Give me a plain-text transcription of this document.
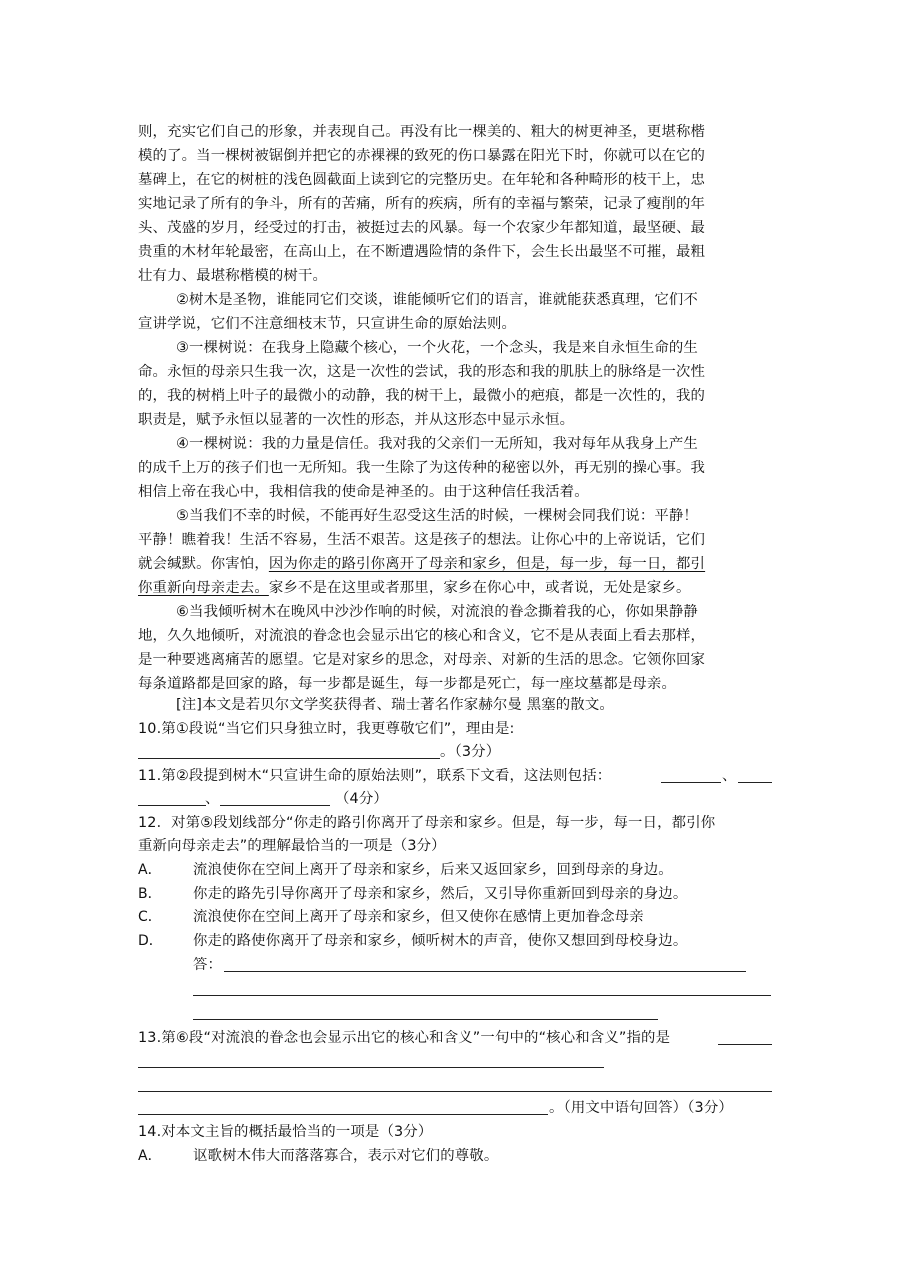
则，充实它们自己的形象，并表现自己。再没有比一棵美的、粗大的树更神圣，更堪称楷
模的了。当一棵树被锯倒并把它的赤裸裸的致死的伤口暴露在阳光下时，你就可以在它的
墓碑上，在它的树桩的浅色圆截面上读到它的完整历史。在年轮和各种畸形的枝干上，忠
实地记录了所有的争斗，所有的苦痛，所有的疾病，所有的幸福与繁荣，记录了瘦削的年
头、茂盛的岁月，经受过的打击，被挺过去的风暴。每一个农家少年都知道，最坚硬、最
贵重的木材年轮最密，在高山上，在不断遭遇险情的条件下，会生长出最坚不可摧，最粗
壮有力、最堪称楷模的树干。
②树木是圣物，谁能同它们交谈，谁能倾听它们的语言，谁就能获悉真理，它们不
宣讲学说，它们不注意细枝末节，只宣讲生命的原始法则。
③一棵树说：在我身上隐藏个核心，一个火花，一个念头，我是来自永恒生命的生
命。永恒的母亲只生我一次，这是一次性的尝试，我的形态和我的肌肤上的脉络是一次性
的，我的树梢上叶子的最微小的动静，我的树干上，最微小的疤痕，都是一次性的，我的
职责是，赋予永恒以显著的一次性的形态，并从这形态中显示永恒。
④一棵树说：我的力量是信任。我对我的父亲们一无所知，我对每年从我身上产生
的成千上万的孩子们也一无所知。我一生除了为这传种的秘密以外，再无别的操心事。我
相信上帝在我心中，我相信我的使命是神圣的。由于这种信任我活着。
⑤当我们不幸的时候，不能再好生忍受这生活的时候，一棵树会同我们说：平静！
平静！瞧着我！生活不容易，生活不艰苦。这是孩子的想法。让你心中的上帝说话，它们
就会缄默。你害怕，因为你走的路引你离开了母亲和家乡，但是，每一步，每一日，都引
你重新向母亲走去。家乡不是在这里或者那里，家乡在你心中，或者说，无处是家乡。
⑥当我倾听树木在晚风中沙沙作响的时候，对流浪的眷念撕着我的心，你如果静静
地，久久地倾听，对流浪的眷念也会显示出它的核心和含义，它不是从表面上看去那样，
是一种要逃离痛苦的愿望。它是对家乡的思念，对母亲、对新的生活的思念。它领你回家
每条道路都是回家的路，每一步都是诞生，每一步都是死亡，每一座坟墓都是母亲。
[注]本文是若贝尔文学奖获得者、瑞士著名作家赫尔曼 黑塞的散文。
10.第①段说“当它们只身独立时，我更尊敬它们”，理由是:
。（3分）
11.第②段提到树木“只宣讲生命的原始法则”，联系下文看，这法则包括：	、
、	（4分）
12．对第⑤段划线部分“你走的路引你离开了母亲和家乡。但是，每一步，每一日，都引你
重新向母亲走去”的理解最恰当的一项是（3分）
A． 流浪使你在空间上离开了母亲和家乡，后来又返回家乡，回到母亲的身边。
B． 你走的路先引导你离开了母亲和家乡，然后，又引导你重新回到母亲的身边。
C． 流浪使你在空间上离开了母亲和家乡，但又使你在感情上更加眷念母亲
D． 你走的路使你离开了母亲和家乡，倾听树木的声音，使你又想回到母校身边。
答：
13.第⑥段“对流浪的眷念也会显示出它的核心和含义”一句中的“核心和含义”指的是
。（用文中语句回答）（3分）
14.对本文主旨的概括最恰当的一项是（3分）
A． 讴歌树木伟大而落落寡合，表示对它们的尊敬。
